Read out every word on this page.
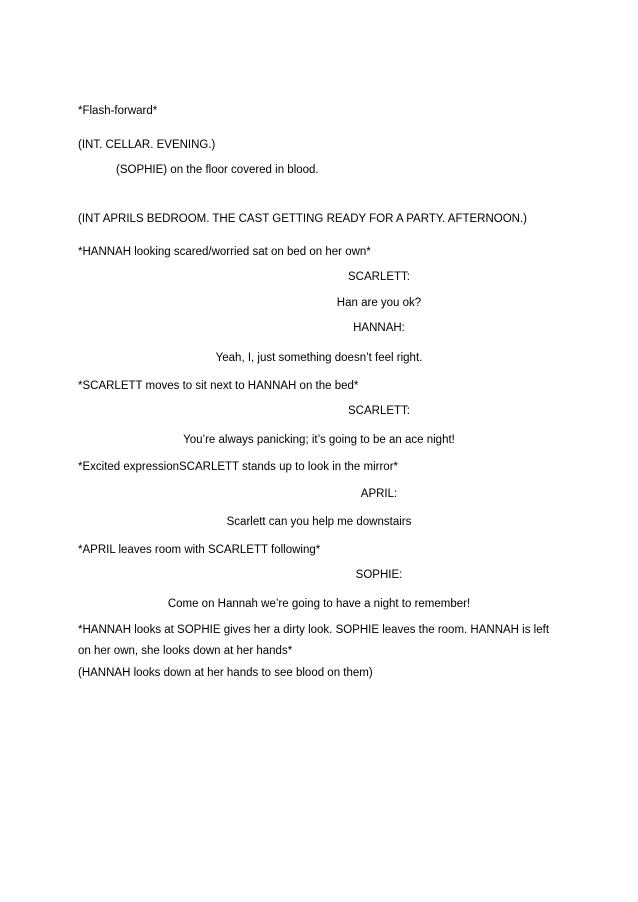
*Flash-forward*
(INT. CELLAR. EVENING.)
(SOPHIE) on the floor covered in blood.
(INT APRILS BEDROOM. THE CAST GETTING READY FOR A PARTY. AFTERNOON.)
*HANNAH looking scared/worried sat on bed on her own*
SCARLETT:
Han are you ok?
HANNAH:
Yeah, I, just something doesn’t feel right.
*SCARLETT moves to sit next to HANNAH on the bed*
SCARLETT:
You’re always panicking; it’s going to be an ace night!
*Excited expressionSCARLETT stands up to look in the mirror*
APRIL:
Scarlett can you help me downstairs
*APRIL leaves room with SCARLETT following*
SOPHIE:
Come on Hannah we’re going to have a night to remember!
*HANNAH looks at SOPHIE gives her a dirty look. SOPHIE leaves the room. HANNAH is left on her own, she looks down at her hands*
(HANNAH looks down at her hands to see blood on them)
